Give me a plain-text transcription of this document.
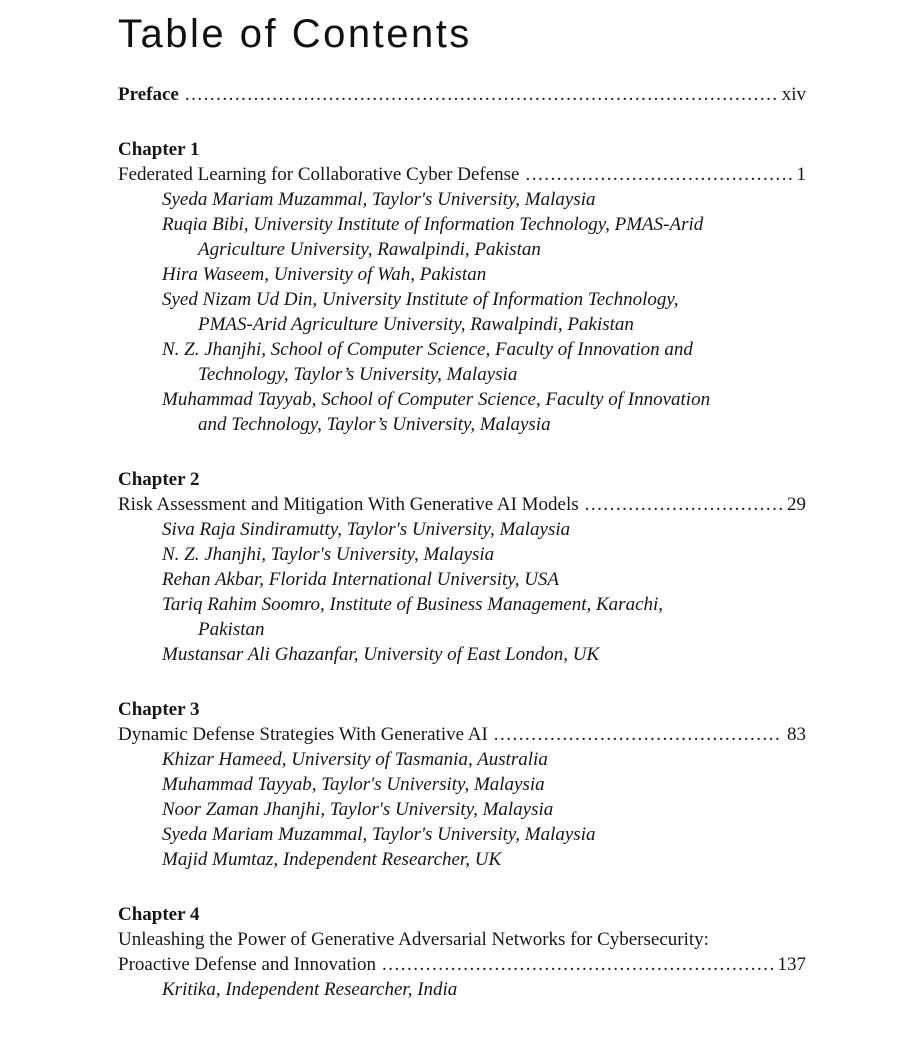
Table of Contents
Preface .....	xiv
Chapter 1
Federated Learning for Collaborative Cyber Defense .....	1
Syeda Mariam Muzammal, Taylor's University, Malaysia
Ruqia Bibi, University Institute of Information Technology, PMAS-Arid
Agriculture University, Rawalpindi, Pakistan
Hira Waseem, University of Wah, Pakistan
Syed Nizam Ud Din, University Institute of Information Technology,
PMAS-Arid Agriculture University, Rawalpindi, Pakistan
N. Z. Jhanjhi, School of Computer Science, Faculty of Innovation and
Technology, Taylor’s University, Malaysia
Muhammad Tayyab, School of Computer Science, Faculty of Innovation
and Technology, Taylor’s University, Malaysia
Chapter 2
Risk Assessment and Mitigation With Generative AI Models .....	29
Siva Raja Sindiramutty, Taylor's University, Malaysia
N. Z. Jhanjhi, Taylor's University, Malaysia
Rehan Akbar, Florida International University, USA
Tariq Rahim Soomro, Institute of Business Management, Karachi,
Pakistan
Mustansar Ali Ghazanfar, University of East London, UK
Chapter 3
Dynamic Defense Strategies With Generative AI .....	83
Khizar Hameed, University of Tasmania, Australia
Muhammad Tayyab, Taylor's University, Malaysia
Noor Zaman Jhanjhi, Taylor's University, Malaysia
Syeda Mariam Muzammal, Taylor's University, Malaysia
Majid Mumtaz, Independent Researcher, UK
Chapter 4
Unleashing the Power of Generative Adversarial Networks for Cybersecurity:
Proactive Defense and Innovation .....	137
Kritika, Independent Researcher, India
